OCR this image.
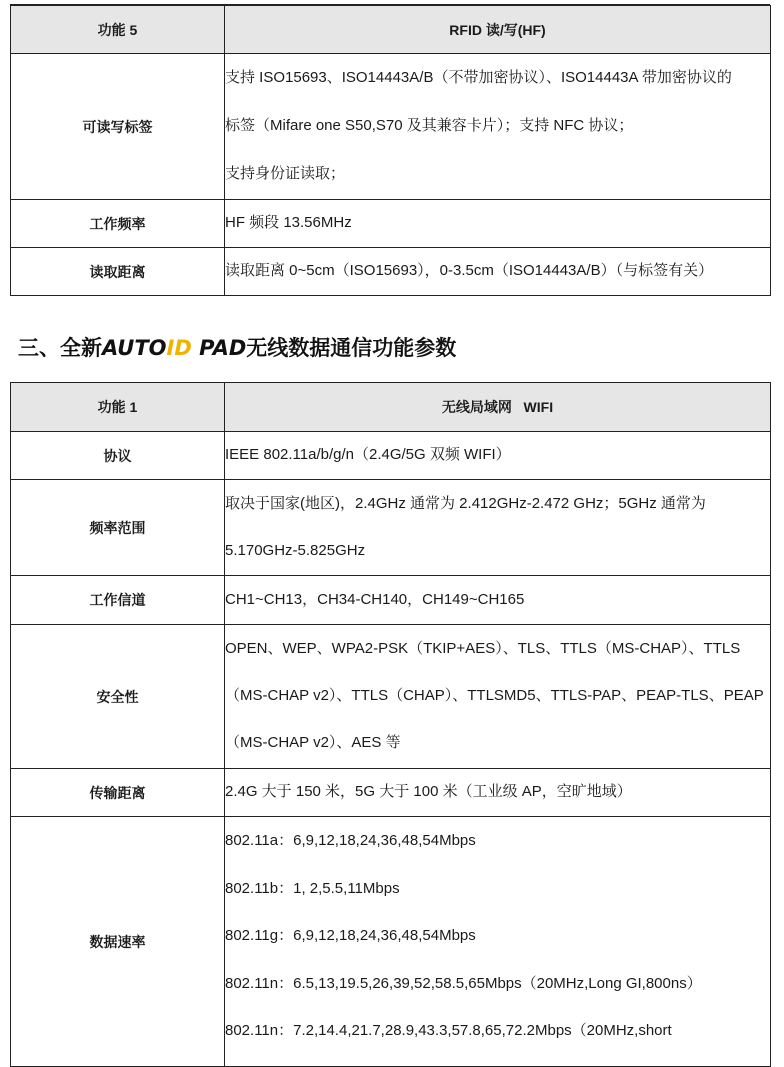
功能 5	RFID 读/写(HF)
可读写标签	支持 ISO15693、ISO14443A/B（不带加密协议）、ISO14443A 带加密协议的
标签（Mifare one S50,S70 及其兼容卡片）；支持 NFC 协议；
支持身份证读取；

工作频率	HF 频段 13.56MHz

读取距离	读取距离 0~5cm（ISO15693），0-3.5cm（ISO14443A/B）（与标签有关）
三、全新AUTOID PAD无线数据通信功能参数
功能 1	无线局域网   WIFI
协议	IEEE 802.11a/b/g/n（2.4G/5G 双频 WIFI）

频率范围	取决于国家(地区)，2.4GHz 通常为 2.412GHz-2.472 GHz；5GHz 通常为
5.170GHz-5.825GHz

工作信道	CH1~CH13，CH34-CH140，CH149~CH165

安全性	OPEN、WEP、WPA2-PSK（TKIP+AES）、TLS、TTLS（MS-CHAP）、TTLS
（MS-CHAP v2）、TTLS（CHAP）、TTLSMD5、TTLS-PAP、PEAP-TLS、PEAP
（MS-CHAP v2）、AES 等

传输距离	2.4G 大于 150 米，5G 大于 100 米（工业级 AP，空旷地域）

数据速率	802.11a：6,9,12,18,24,36,48,54Mbps
802.11b：1, 2,5.5,11Mbps
802.11g：6,9,12,18,24,36,48,54Mbps
802.11n：6.5,13,19.5,26,39,52,58.5,65Mbps（20MHz,Long GI,800ns）
802.11n：7.2,14.4,21.7,28.9,43.3,57.8,65,72.2Mbps（20MHz,short
